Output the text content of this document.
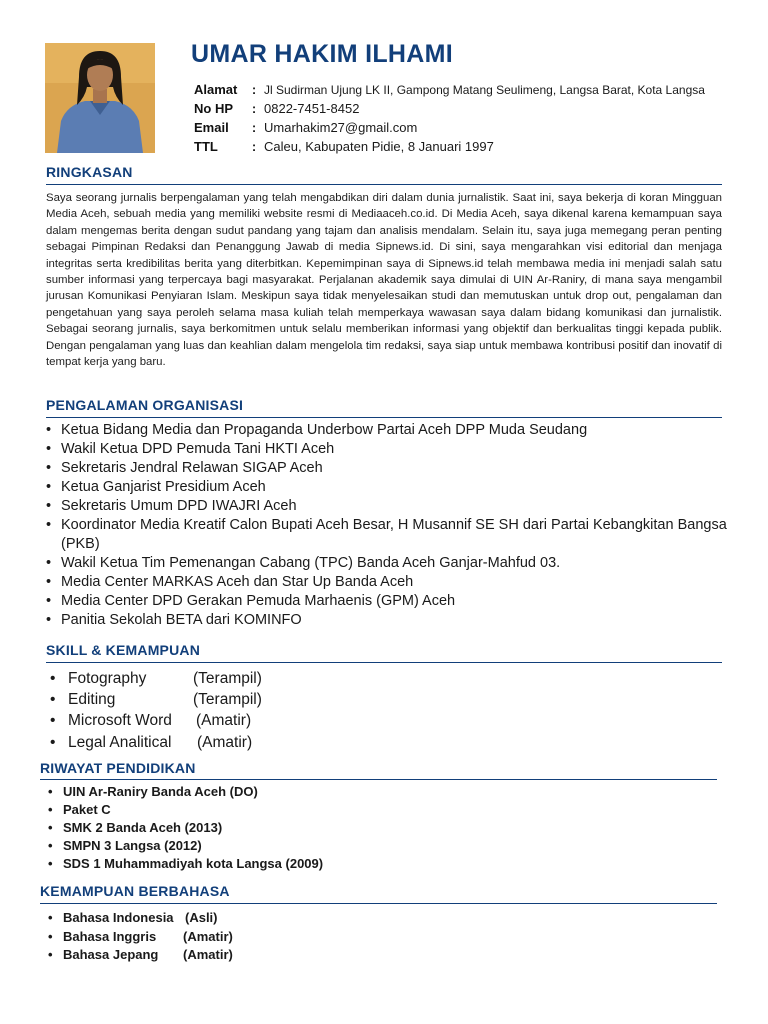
UMAR HAKIM ILHAMI
Alamat	: Jl Sudirman Ujung LK II, Gampong Matang Seulimeng, Langsa Barat, Kota Langsa
No HP	: 0822-7451-8452
Email	: Umarhakim27@gmail.com
TTL	: Caleu, Kabupaten Pidie, 8 Januari 1997
RINGKASAN

Saya seorang jurnalis berpengalaman yang telah mengabdikan diri dalam dunia jurnalistik. Saat ini, saya bekerja di koran Mingguan Media Aceh, sebuah media yang memiliki website resmi di Mediaaceh.co.id. Di Media Aceh, saya dikenal karena kemampuan saya dalam mengemas berita dengan sudut pandang yang tajam dan analisis mendalam. Selain itu, saya juga memegang peran penting sebagai Pimpinan Redaksi dan Penanggung Jawab di media Sipnews.id. Di sini, saya mengarahkan visi editorial dan menjaga integritas serta kredibilitas berita yang diterbitkan. Kepemimpinan saya di Sipnews.id telah membawa media ini menjadi salah satu sumber informasi yang terpercaya bagi masyarakat. Perjalanan akademik saya dimulai di UIN Ar-Raniry, di mana saya mengambil jurusan Komunikasi Penyiaran Islam. Meskipun saya tidak menyelesaikan studi dan memutuskan untuk drop out, pengalaman dan pengetahuan yang saya peroleh selama masa kuliah telah memperkaya wawasan saya dalam bidang komunikasi dan jurnalistik. Sebagai seorang jurnalis, saya berkomitmen untuk selalu memberikan informasi yang objektif dan berkualitas tinggi kepada publik. Dengan pengalaman yang luas dan keahlian dalam mengelola tim redaksi, saya siap untuk membawa kontribusi positif dan inovatif di tempat kerja yang baru.

PENGALAMAN ORGANISASI
• Ketua Bidang Media dan Propaganda Underbow Partai Aceh DPP Muda Seudang
• Wakil Ketua DPD Pemuda Tani HKTI Aceh
• Sekretaris Jendral Relawan SIGAP Aceh
• Ketua Ganjarist Presidium Aceh
• Sekretaris Umum DPD IWAJRI Aceh
• Koordinator Media Kreatif Calon Bupati Aceh Besar, H Musannif SE SH dari Partai Kebangkitan Bangsa (PKB)
• Wakil Ketua Tim Pemenangan Cabang (TPC) Banda Aceh Ganjar-Mahfud 03.
• Media Center MARKAS Aceh dan Star Up Banda Aceh
• Media Center DPD Gerakan Pemuda Marhaenis (GPM) Aceh
• Panitia Sekolah BETA dari KOMINFO
SKILL & KEMAMPUAN
• Fotography	(Terampil)
• Editing	(Terampil)
• Microsoft Word	(Amatir)
• Legal Analitical	(Amatir)
RIWAYAT PENDIDIKAN
• UIN Ar-Raniry Banda Aceh (DO)
• Paket C
• SMK 2 Banda Aceh (2013)
• SMPN 3 Langsa (2012)
• SDS 1 Muhammadiyah kota Langsa (2009)
KEMAMPUAN BERBAHASA
• Bahasa Indonesia (Asli)
• Bahasa Inggris	(Amatir)
• Bahasa Jepang	(Amatir)
